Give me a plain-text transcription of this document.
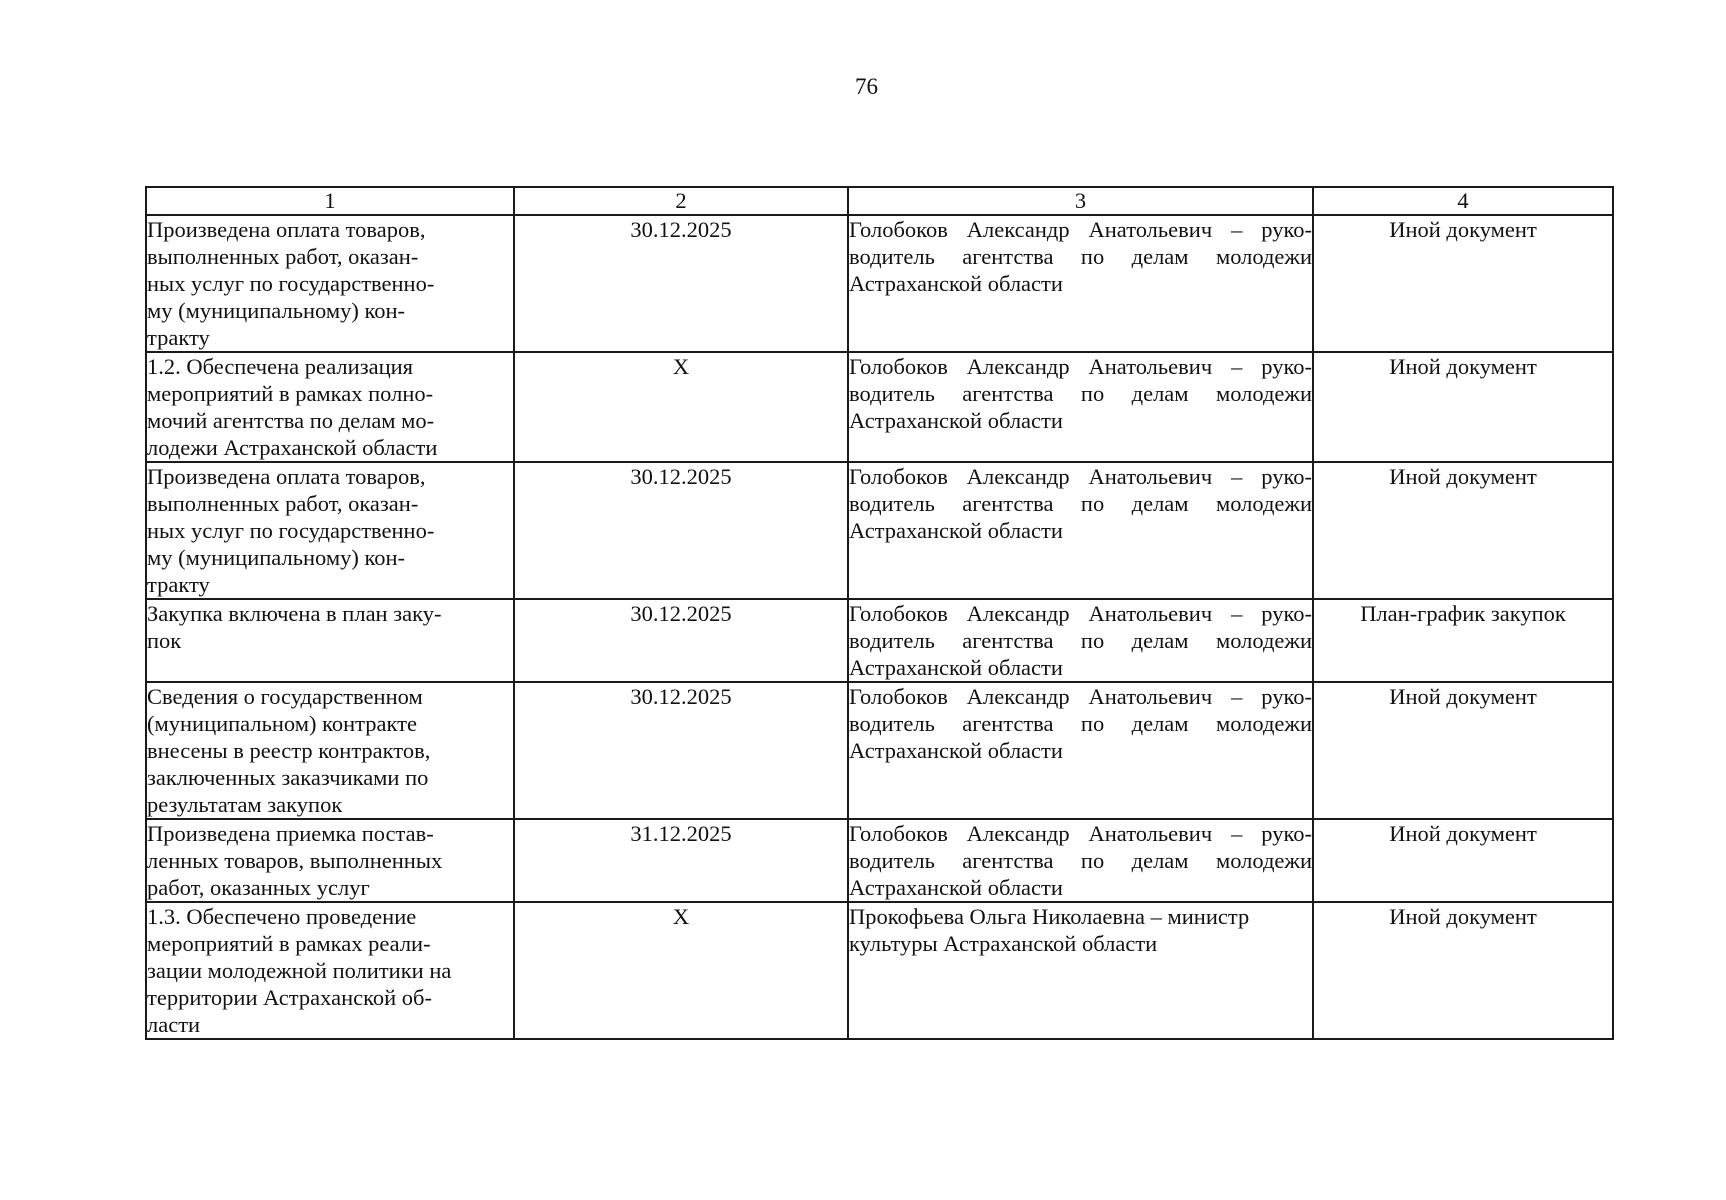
76
1	2	3	4

Произведена оплата товаров,
выполненных работ, оказан-
ных услуг по государственно-
му (муниципальному) кон-
тракту	30.12.2025	Голобоков Александр Анатольевич – руко-водитель агентства по делам молодежи Астраханской области	Иной документ

1.2. Обеспечена реализация
мероприятий в рамках полно-
мочий агентства по делам мо-
лодежи Астраханской области	Х	Голобоков Александр Анатольевич – руко-водитель агентства по делам молодежи Астраханской области	Иной документ

Произведена оплата товаров,
выполненных работ, оказан-
ных услуг по государственно-
му (муниципальному) кон-
тракту	30.12.2025	Голобоков Александр Анатольевич – руко-водитель агентства по делам молодежи Астраханской области	Иной документ

Закупка включена в план заку-
пок	30.12.2025	Голобоков Александр Анатольевич – руко-водитель агентства по делам молодежи Астраханской области	План-график закупок

Сведения о государственном
(муниципальном) контракте
внесены в реестр контрактов,
заключенных заказчиками по
результатам закупок	30.12.2025	Голобоков Александр Анатольевич – руко-водитель агентства по делам молодежи Астраханской области	Иной документ

Произведена приемка постав-
ленных товаров, выполненных
работ, оказанных услуг	31.12.2025	Голобоков Александр Анатольевич – руко-водитель агентства по делам молодежи Астраханской области	Иной документ

1.3. Обеспечено проведение
мероприятий в рамках реали-
зации молодежной политики на
территории Астраханской об-
ласти	Х	Прокофьева Ольга Николаевна – министр
культуры Астраханской области	Иной документ
